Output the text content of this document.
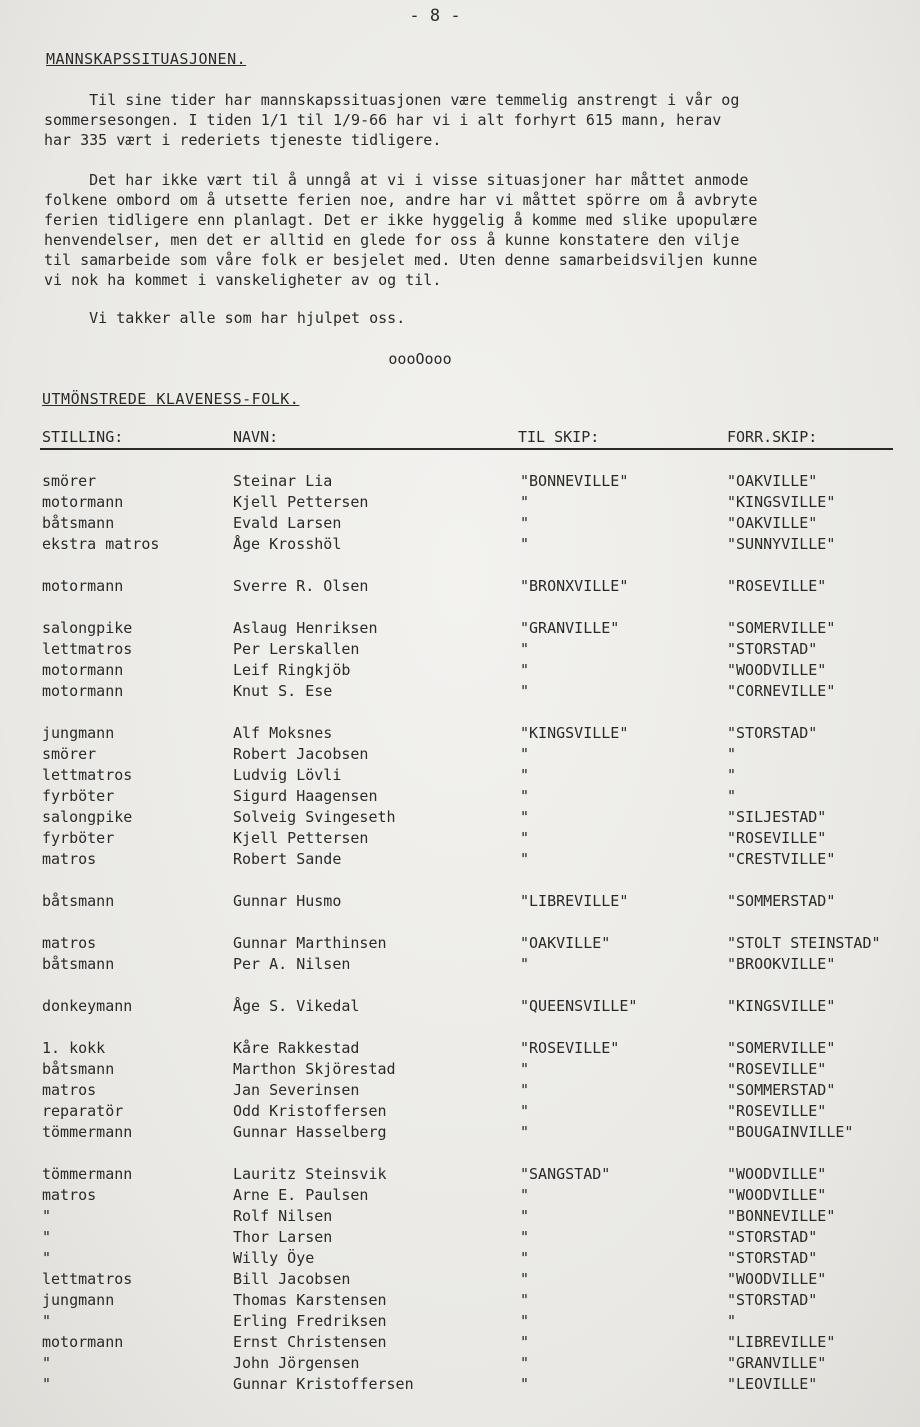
- 8 -
MANNSKAPSSITUASJONEN.
Til sine tider har mannskapssituasjonen være temmelig anstrengt i vår og
sommersesongen. I tiden 1/1 til 1/9-66 har vi i alt forhyrt 615 mann, herav
har 335 vært i rederiets tjeneste tidligere.
Det har ikke vært til å unngå at vi i visse situasjoner har måttet anmode
folkene ombord om å utsette ferien noe, andre har vi måttet spörre om å avbryte
ferien tidligere enn planlagt. Det er ikke hyggelig å komme med slike upopulære
henvendelser, men det er alltid en glede for oss å kunne konstatere den vilje
til samarbeide som våre folk er besjelet med. Uten denne samarbeidsviljen kunne
vi nok ha kommet i vanskeligheter av og til.
Vi takker alle som har hjulpet oss.
oooOooo
UTMÖNSTREDE KLAVENESS-FOLK.
STILLING:	NAVN:	TIL SKIP:	FORR.SKIP:
smörer	Steinar Lia	"BONNEVILLE"	"OAKVILLE"
motormann	Kjell Pettersen	"	"KINGSVILLE"
båtsmann	Evald Larsen	"	"OAKVILLE"
ekstra matros	Åge Krosshöl	"	"SUNNYVILLE"
motormann	Sverre R. Olsen	"BRONXVILLE"	"ROSEVILLE"
salongpike	Aslaug Henriksen	"GRANVILLE"	"SOMERVILLE"
lettmatros	Per Lerskallen	"	"STORSTAD"
motormann	Leif Ringkjöb	"	"WOODVILLE"
motormann	Knut S. Ese	"	"CORNEVILLE"
jungmann	Alf Moksnes	"KINGSVILLE"	"STORSTAD"
smörer	Robert Jacobsen	"	"
lettmatros	Ludvig Lövli	"	"
fyrböter	Sigurd Haagensen	"	"
salongpike	Solveig Svingeseth	"	"SILJESTAD"
fyrböter	Kjell Pettersen	"	"ROSEVILLE"
matros	Robert Sande	"	"CRESTVILLE"
båtsmann	Gunnar Husmo	"LIBREVILLE"	"SOMMERSTAD"
matros	Gunnar Marthinsen	"OAKVILLE"	"STOLT STEINSTAD"
båtsmann	Per A. Nilsen	"	"BROOKVILLE"
donkeymann	Åge S. Vikedal	"QUEENSVILLE"	"KINGSVILLE"
1. kokk	Kåre Rakkestad	"ROSEVILLE"	"SOMERVILLE"
båtsmann	Marthon Skjörestad	"	"ROSEVILLE"
matros	Jan Severinsen	"	"SOMMERSTAD"
reparatör	Odd Kristoffersen	"	"ROSEVILLE"
tömmermann	Gunnar Hasselberg	"	"BOUGAINVILLE"
tömmermann	Lauritz Steinsvik	"SANGSTAD"	"WOODVILLE"
matros	Arne E. Paulsen	"	"WOODVILLE"
"	Rolf Nilsen	"	"BONNEVILLE"
"	Thor Larsen	"	"STORSTAD"
"	Willy Öye	"	"STORSTAD"
lettmatros	Bill Jacobsen	"	"WOODVILLE"
jungmann	Thomas Karstensen	"	"STORSTAD"
"	Erling Fredriksen	"	"
motormann	Ernst Christensen	"	"LIBREVILLE"
"	John Jörgensen	"	"GRANVILLE"
"	Gunnar Kristoffersen	"	"LEOVILLE"
